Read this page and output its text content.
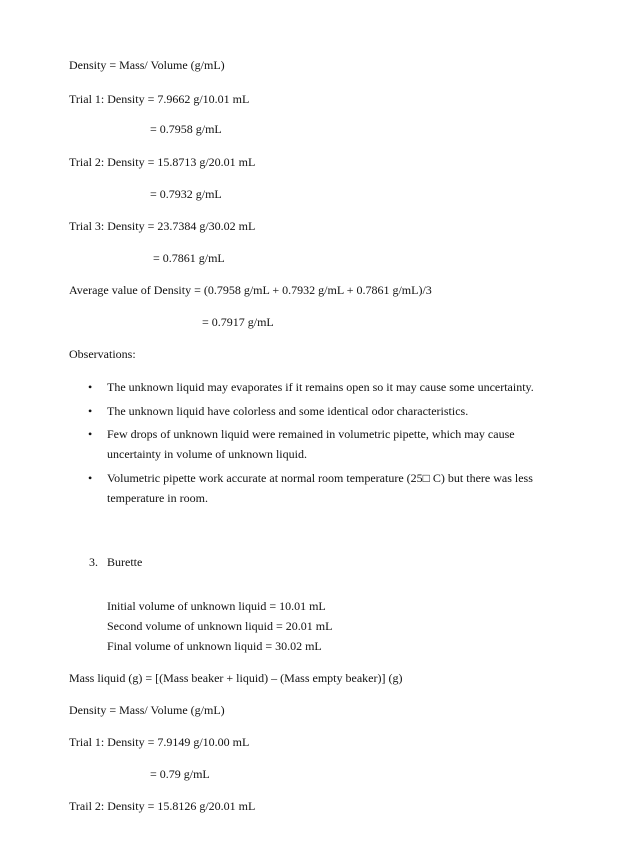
Density = Mass/ Volume (g/mL)
Trial 1: Density = 7.9662 g/10.01 mL
= 0.7958 g/mL
Trial 2: Density = 15.8713 g/20.01 mL
= 0.7932 g/mL
Trial 3: Density = 23.7384 g/30.02 mL
= 0.7861 g/mL
Average value of Density = (0.7958 g/mL + 0.7932 g/mL + 0.7861 g/mL)/3
= 0.7917 g/mL
Observations:
•
The unknown liquid may evaporates if it remains open so it may cause some uncertainty.
•
The unknown liquid have colorless and some identical odor characteristics.
•
Few drops of unknown liquid were remained in volumetric pipette, which may cause
uncertainty in volume of unknown liquid.
•
Volumetric pipette work accurate at normal room temperature (25□ C) but there was less
temperature in room.
3. Burette
Initial volume of unknown liquid = 10.01 mL
Second volume of unknown liquid = 20.01 mL
Final volume of unknown liquid = 30.02 mL
Mass liquid (g) = [(Mass beaker + liquid) – (Mass empty beaker)] (g)
Density = Mass/ Volume (g/mL)
Trial 1: Density = 7.9149 g/10.00 mL
= 0.79 g/mL
Trail 2: Density = 15.8126 g/20.01 mL
